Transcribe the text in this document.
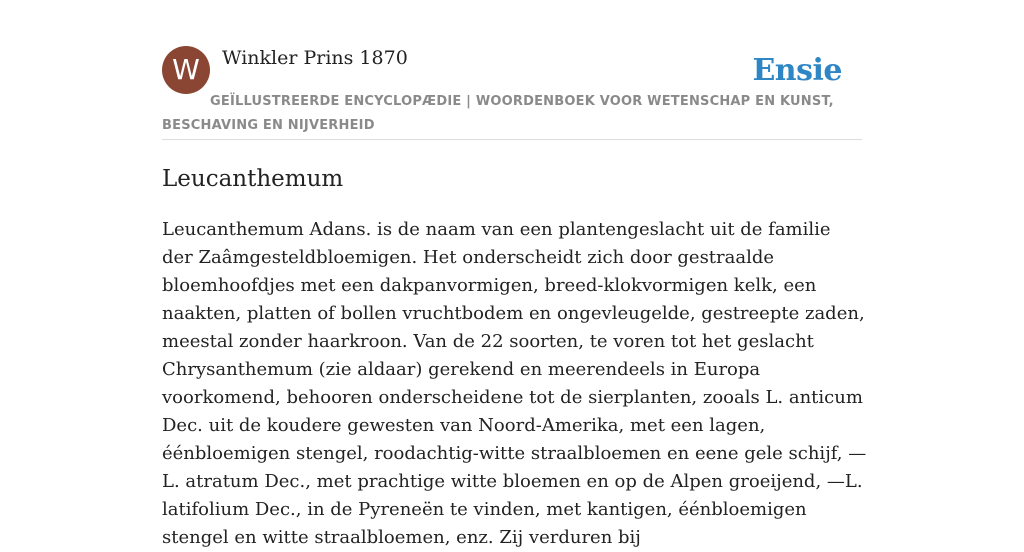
W	Winkler Prins 1870	Ensie
GEÏLLUSTREERDE ENCYCLOPÆDIE | WOORDENBOEK VOOR WETENSCHAP EN KUNST, BESCHAVING EN NIJVERHEID
Leucanthemum

Leucanthemum Adans. is de naam van een plantengeslacht uit de familie der Zaâmgesteldbloemigen. Het onderscheidt zich door gestraalde bloemhoofdjes met een dakpanvormigen, breed-klokvormigen kelk, een naakten, platten of bollen vruchtbodem en ongevleugelde, gestreepte zaden, meestal zonder haarkroon. Van de 22 soorten, te voren tot het geslacht Chrysanthemum (zie aldaar) gerekend en meerendeels in Europa voorkomend, behooren onderscheidene tot de sierplanten, zooals L. anticum Dec. uit de koudere gewesten van Noord-Amerika, met een lagen, éénbloemigen stengel, roodachtig-witte straalbloemen en eene gele schijf, — L. atratum Dec., met prachtige witte bloemen en op de Alpen groeijend, —L. latifolium Dec., in de Pyreneën te vinden, met kantigen, éénbloemigen stengel en witte straalbloemen, enz. Zij verduren bij
